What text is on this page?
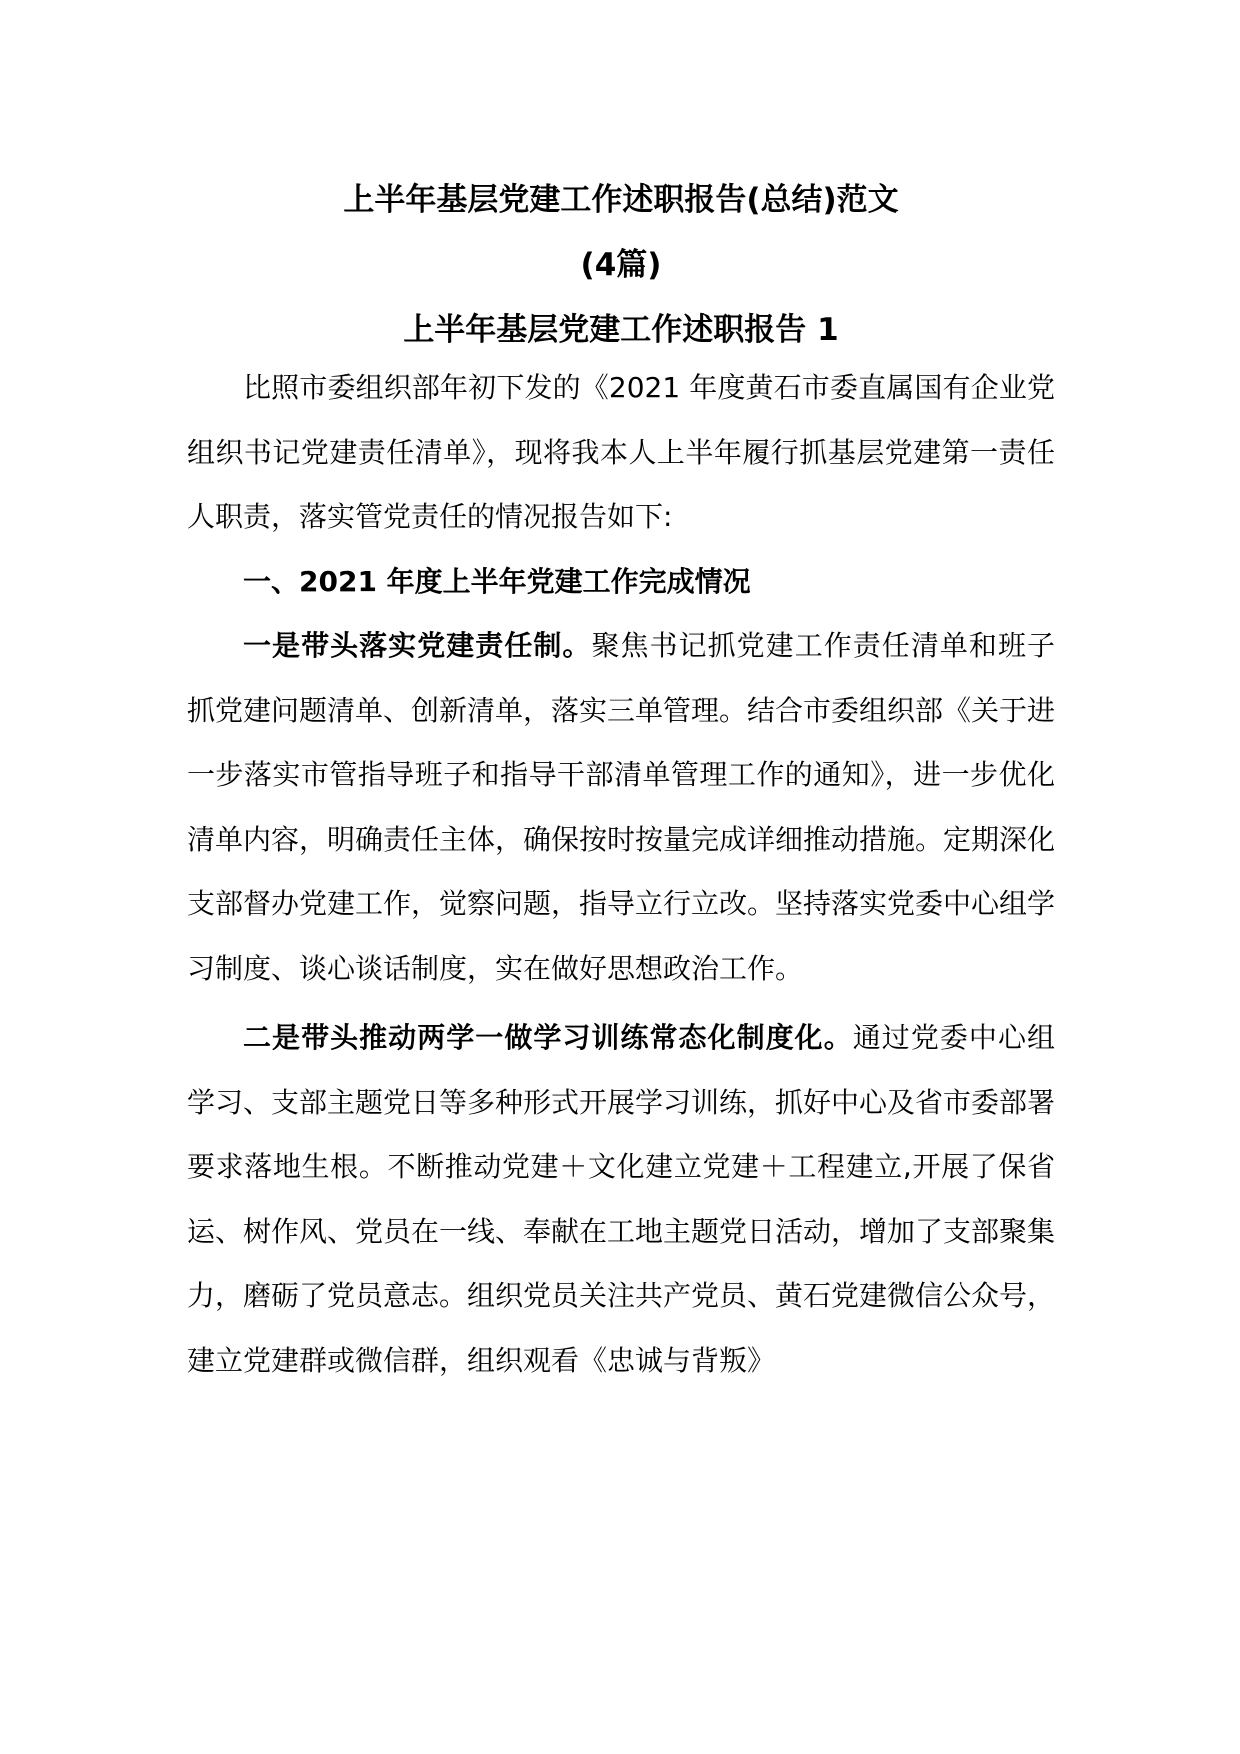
上半年基层党建工作述职报告(总结)范文

(4篇)

上半年基层党建工作述职报告 1

比照市委组织部年初下发的《2021 年度黄石市委直属国有企业党组织书记党建责任清单》，现将我本人上半年履行抓基层党建第一责任人职责，落实管党责任的情况报告如下:

一、2021 年度上半年党建工作完成情况

一是带头落实党建责任制。聚焦书记抓党建工作责任清单和班子抓党建问题清单、创新清单，落实三单管理。结合市委组织部《关于进一步落实市管指导班子和指导干部清单管理工作的通知》，进一步优化清单内容，明确责任主体，确保按时按量完成详细推动措施。定期深化支部督办党建工作，觉察问题，指导立行立改。坚持落实党委中心组学习制度、谈心谈话制度，实在做好思想政治工作。

二是带头推动两学一做学习训练常态化制度化。通过党委中心组学习、支部主题党日等多种形式开展学习训练，抓好中心及省市委部署要求落地生根。不断推动党建＋文化建立党建＋工程建立,开展了保省运、树作风、党员在一线、奉献在工地主题党日活动，增加了支部聚集力，磨砺了党员意志。组织党员关注共产党员、黄石党建微信公众号，建立党建群或微信群，组织观看《忠诚与背叛》
